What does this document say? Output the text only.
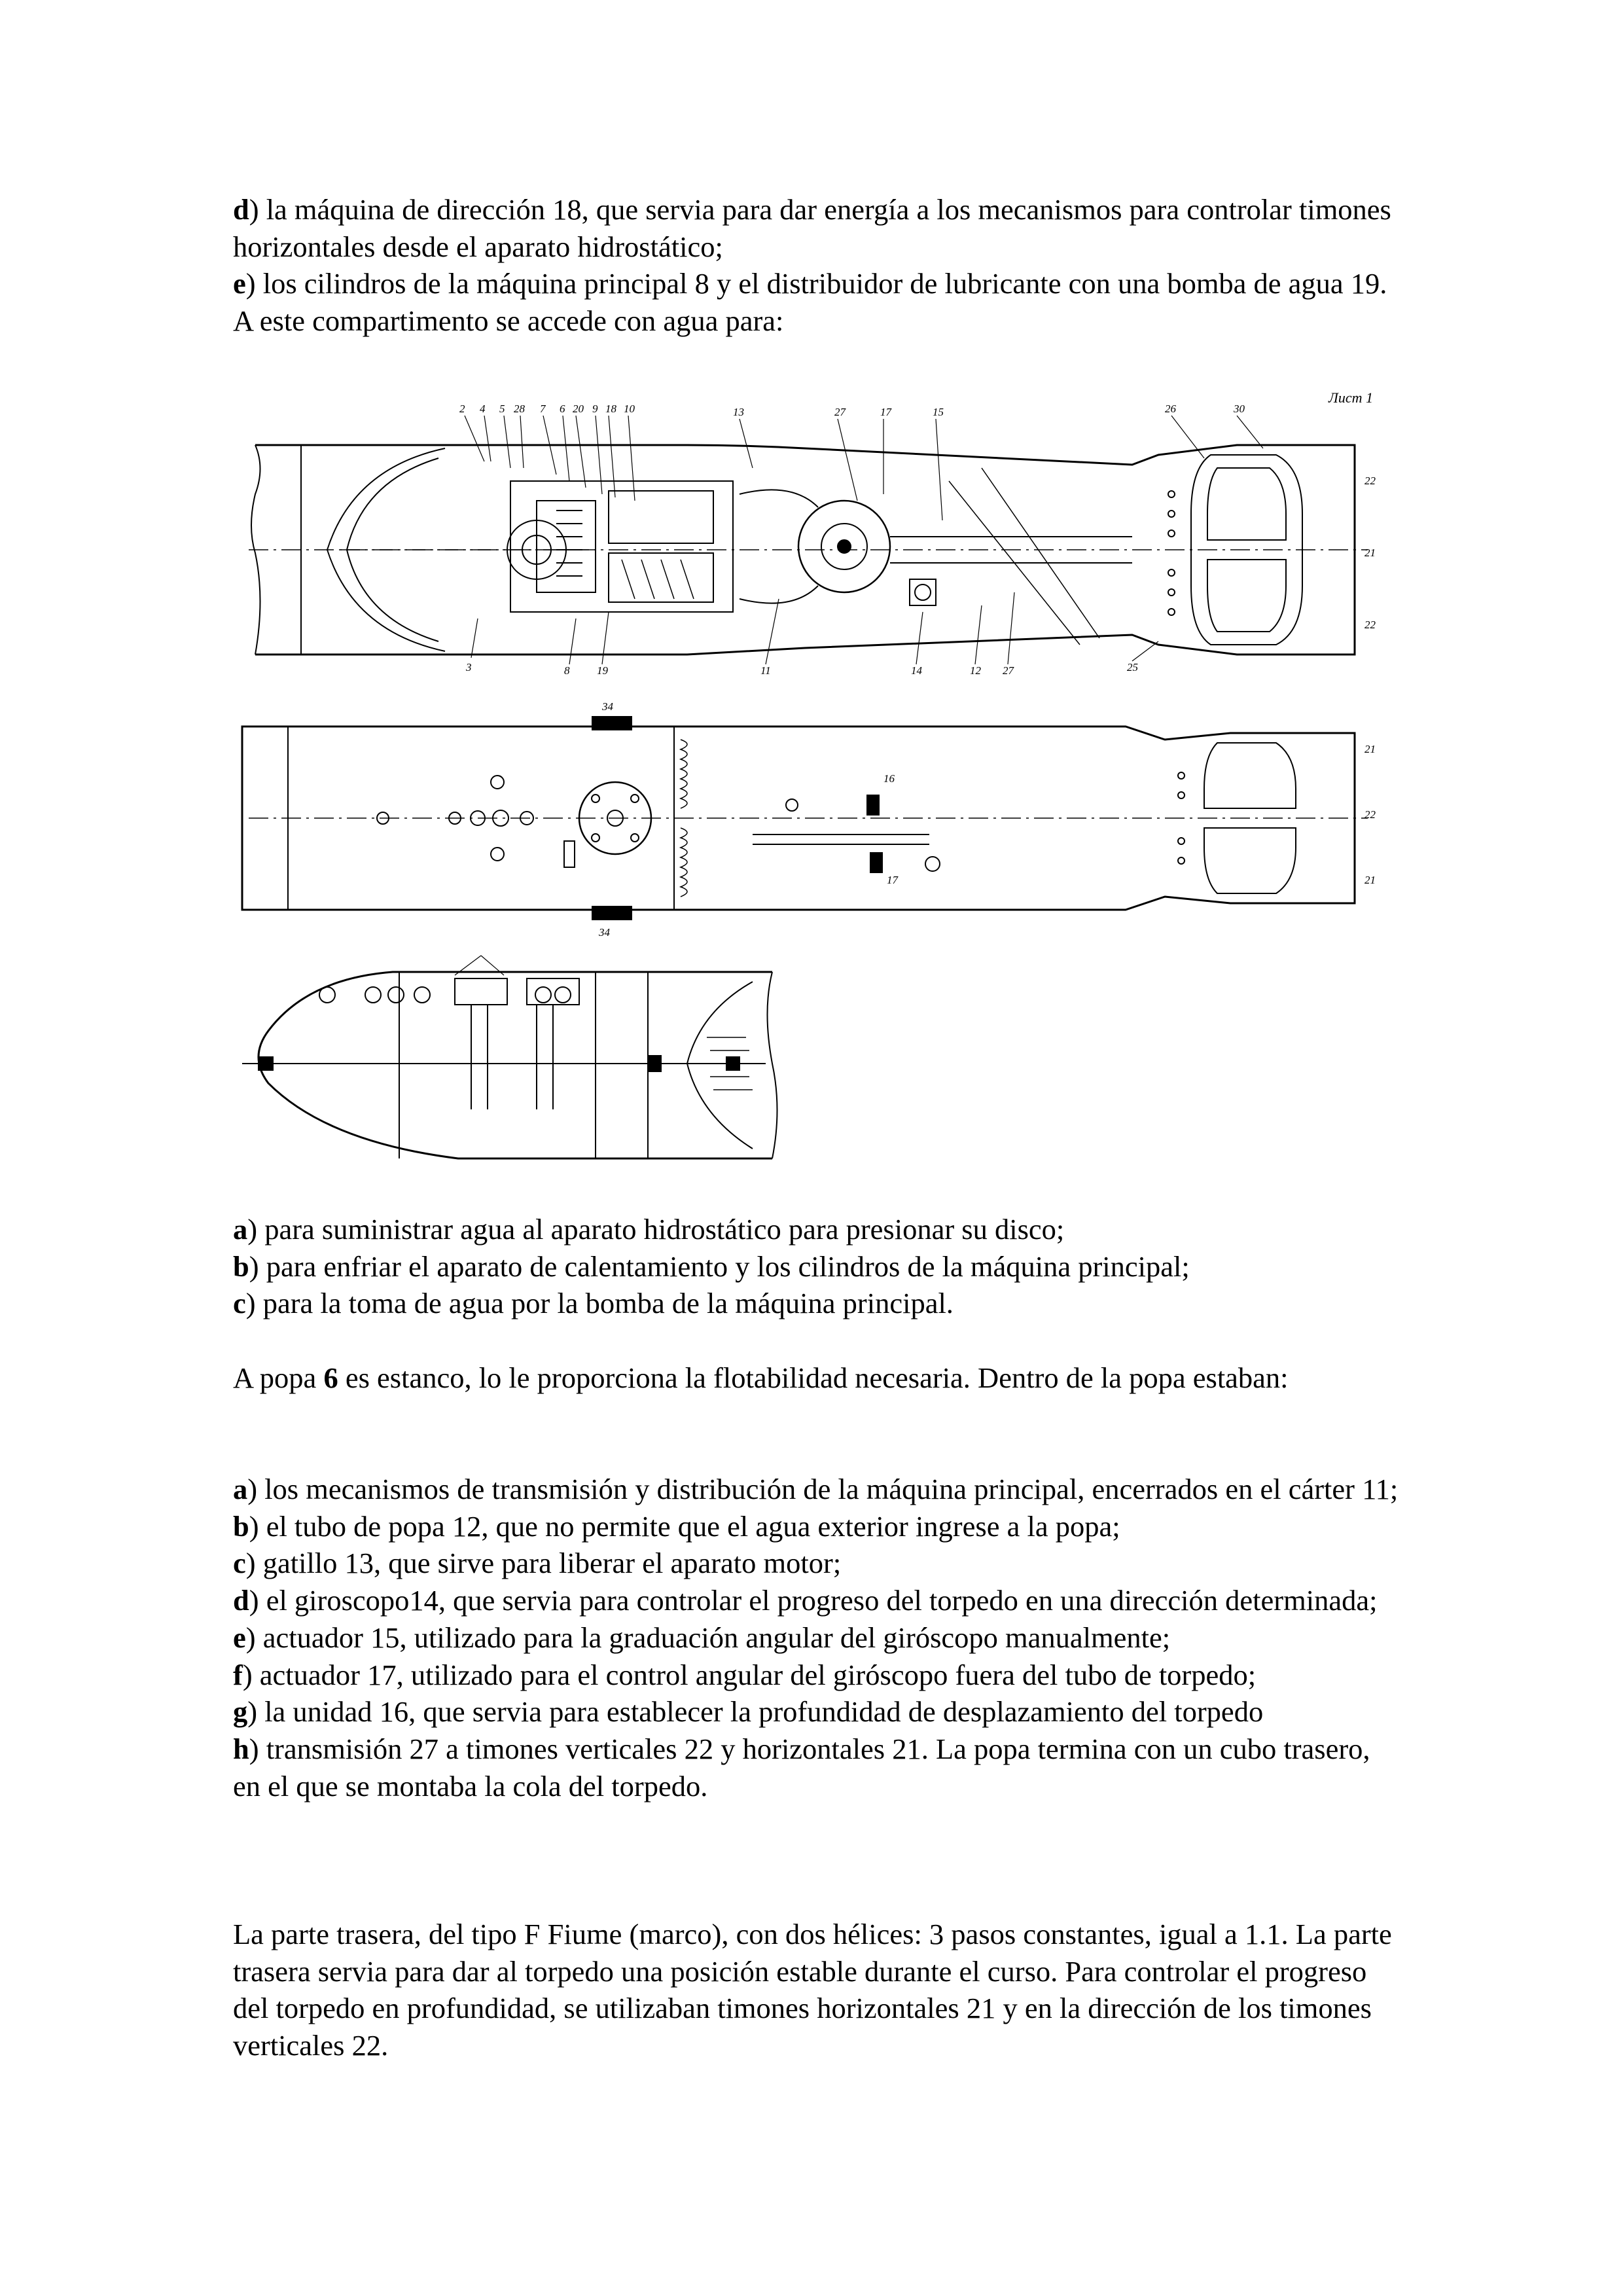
d) la máquina de dirección 18, que servia para dar energía a los mecanismos para controlar timones horizontales desde el aparato hidrostático;

e) los cilindros de la máquina principal 8 y el distribuidor de lubricante con una bomba de agua 19. A este compartimento se accede con agua para:

Лист 1
2 4 5 28 7 6 20 9 18 10	13	27	17	15	26	30
3	8 19	11	14	12 27	25
22
21
22
34
34
16
17
21
22
21

a) para suministrar agua al aparato hidrostático para presionar su disco;

b) para enfriar el aparato de calentamiento y los cilindros de la máquina principal;

c) para la toma de agua por la bomba de la máquina principal.

A popa 6 es estanco, lo le proporciona la flotabilidad necesaria. Dentro de la popa estaban:

a) los mecanismos de transmisión y distribución de la máquina principal, encerrados en el cárter 11;

b) el tubo de popa 12, que no permite que el agua exterior ingrese a la popa;

c) gatillo 13, que sirve para liberar el aparato motor;

d) el giroscopo14, que servia para controlar el progreso del torpedo en una dirección determinada;

e) actuador 15, utilizado para la graduación angular del giróscopo manualmente;

f) actuador 17, utilizado para el control angular del giróscopo fuera del tubo de torpedo;

g) la unidad 16, que servia para establecer la profundidad de desplazamiento del torpedo

h) transmisión 27 a timones verticales 22 y horizontales 21. La popa termina con un cubo trasero, en el que se montaba la cola del torpedo.

La parte trasera, del tipo F Fiume (marco), con dos hélices: 3 pasos constantes, igual a 1.1. La parte trasera servia para dar al torpedo una posición estable durante el curso. Para controlar el progreso del torpedo en profundidad, se utilizaban timones horizontales 21 y en la dirección de los timones verticales 22.
